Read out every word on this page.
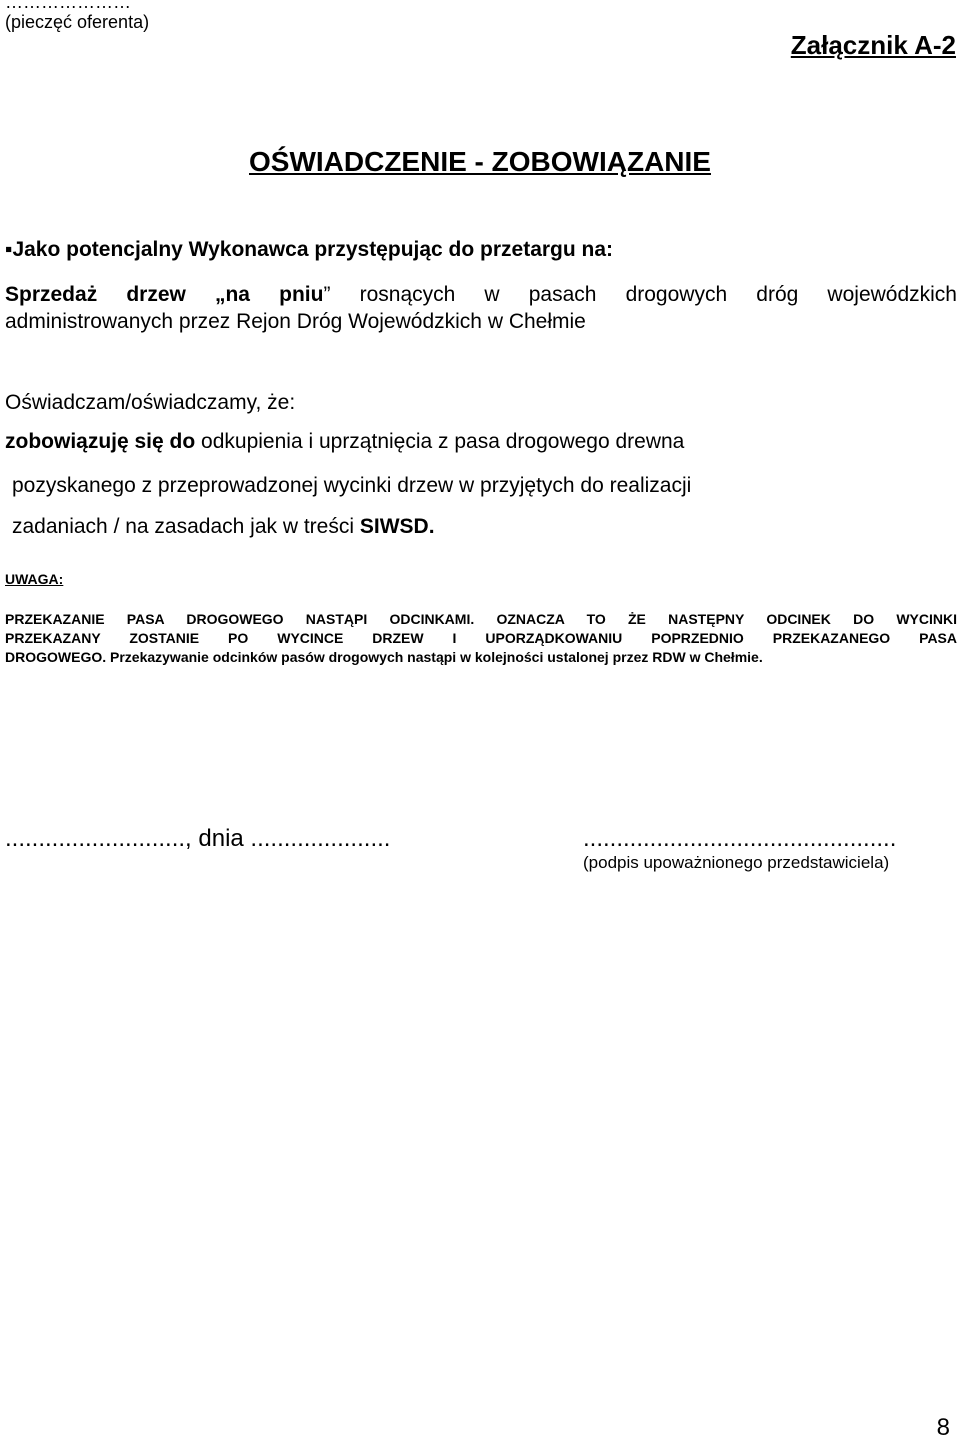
…………………
(pieczęć oferenta)
Załącznik A-2
OŚWIADCZENIE - ZOBOWIĄZANIE
▪Jako potencjalny Wykonawca przystępując do przetargu na:
Sprzedaż drzew „na pniu” rosnących w pasach drogowych dróg wojewódzkich
administrowanych przez Rejon Dróg Wojewódzkich w Chełmie
Oświadczam/oświadczamy, że:
zobowiązuję się do odkupienia i uprzątnięcia z pasa drogowego drewna
pozyskanego z przeprowadzonej wycinki drzew w przyjętych do realizacji
zadaniach / na zasadach jak w treści SIWSD.
UWAGA:
PRZEKAZANIE PASA DROGOWEGO NASTĄPI ODCINKAMI. OZNACZA TO ŻE NASTĘPNY ODCINEK DO WYCINKI
PRZEKAZANY ZOSTANIE PO WYCINCE DRZEW I UPORZĄDKOWANIU POPRZEDNIO PRZEKAZANEGO PASA
DROGOWEGO. Przekazywanie odcinków pasów drogowych nastąpi w kolejności ustalonej przez RDW w Chełmie.
..........................., dnia .....................	...............................................
(podpis upoważnionego przedstawiciela)
8
